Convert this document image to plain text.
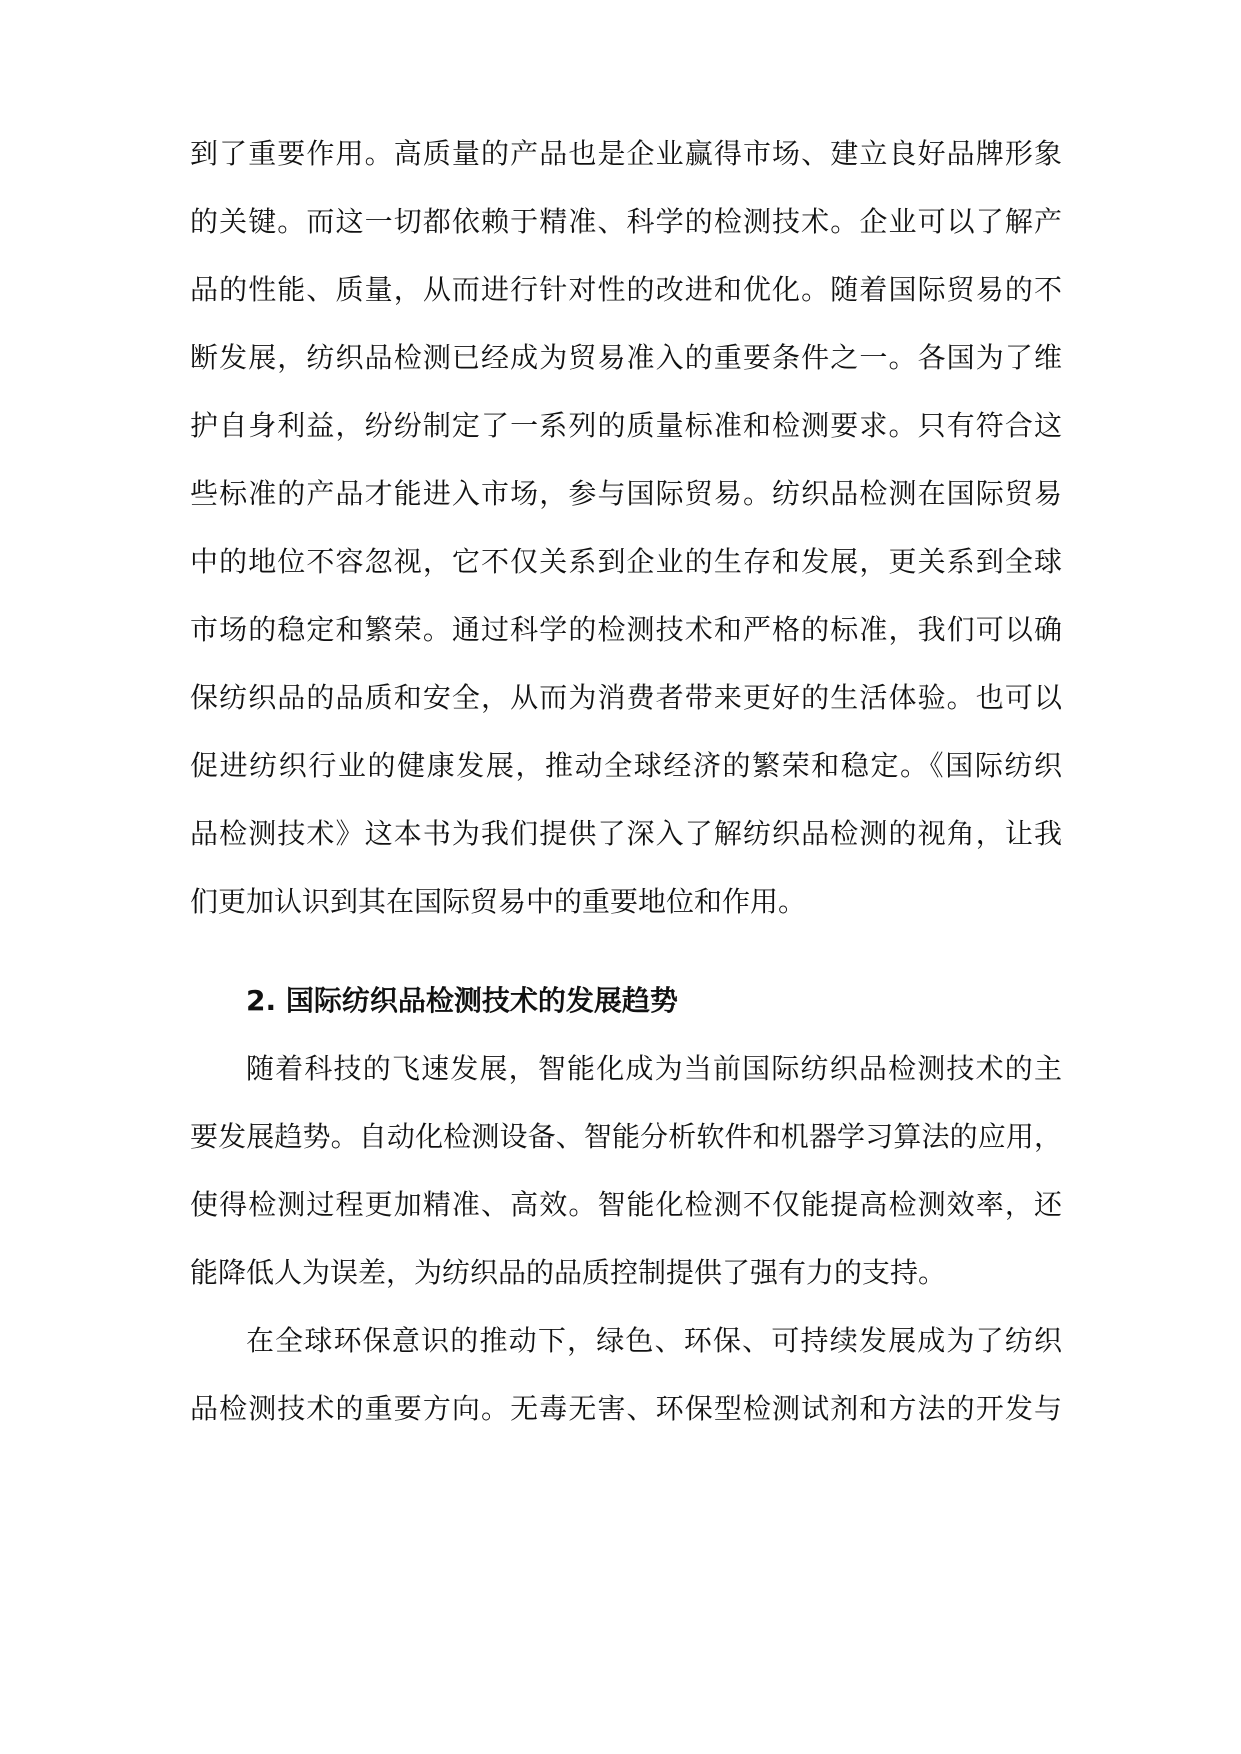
到了重要作用。高质量的产品也是企业赢得市场、建立良好品牌形象
的关键。而这一切都依赖于精准、科学的检测技术。企业可以了解产
品的性能、质量，从而进行针对性的改进和优化。随着国际贸易的不
断发展，纺织品检测已经成为贸易准入的重要条件之一。各国为了维
护自身利益，纷纷制定了一系列的质量标准和检测要求。只有符合这
些标准的产品才能进入市场，参与国际贸易。纺织品检测在国际贸易
中的地位不容忽视，它不仅关系到企业的生存和发展，更关系到全球
市场的稳定和繁荣。通过科学的检测技术和严格的标准，我们可以确
保纺织品的品质和安全，从而为消费者带来更好的生活体验。也可以
促进纺织行业的健康发展，推动全球经济的繁荣和稳定。《国际纺织
品检测技术》这本书为我们提供了深入了解纺织品检测的视角，让我
们更加认识到其在国际贸易中的重要地位和作用。
2. 国际纺织品检测技术的发展趋势
随着科技的飞速发展，智能化成为当前国际纺织品检测技术的主
要发展趋势。自动化检测设备、智能分析软件和机器学习算法的应用，
使得检测过程更加精准、高效。智能化检测不仅能提高检测效率，还
能降低人为误差，为纺织品的品质控制提供了强有力的支持。
在全球环保意识的推动下，绿色、环保、可持续发展成为了纺织
品检测技术的重要方向。无毒无害、环保型检测试剂和方法的开发与
